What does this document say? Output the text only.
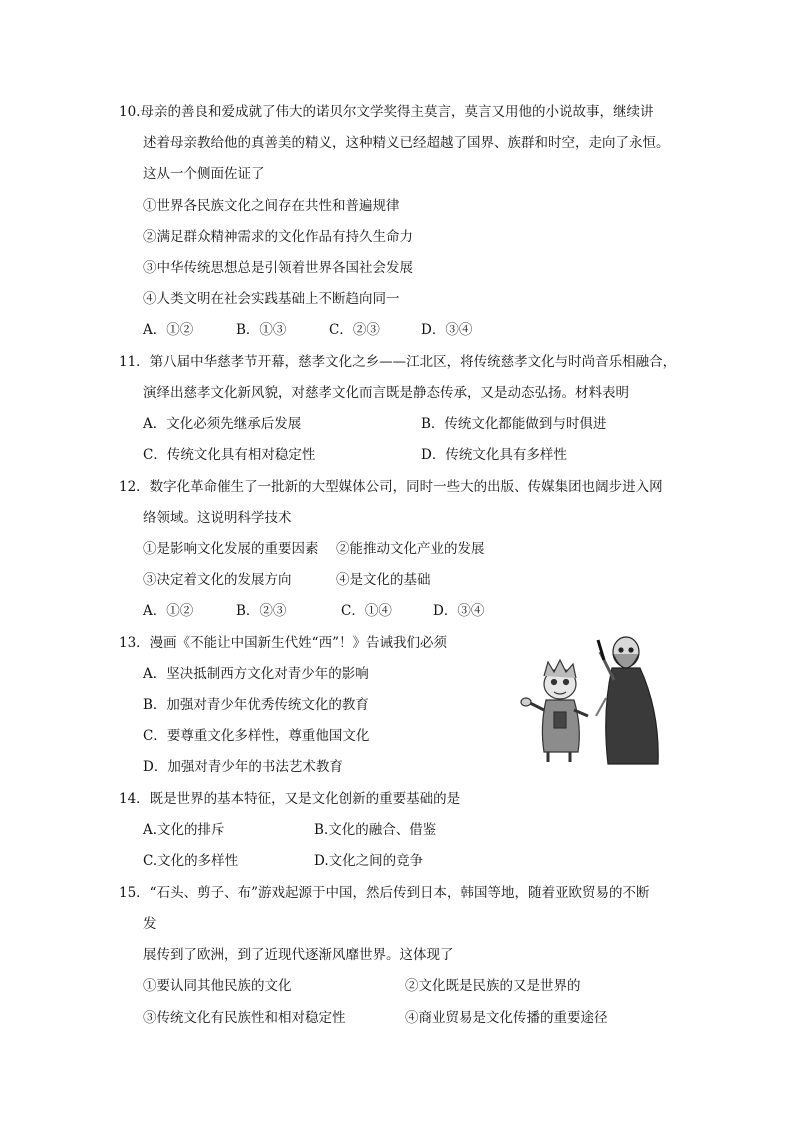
10.母亲的善良和爱成就了伟大的诺贝尔文学奖得主莫言，莫言又用他的小说故事，继续讲
述着母亲教给他的真善美的精义，这种精义已经超越了国界、族群和时空，走向了永恒。
这从一个侧面佐证了
①世界各民族文化之间存在共性和普遍规律
②满足群众精神需求的文化作品有持久生命力
③中华传统思想总是引领着世界各国社会发展
④人类文明在社会实践基础上不断趋向同一
A．①②	B．①③	C．②③	D．③④
11．第八届中华慈孝节开幕，慈孝文化之乡——江北区，将传统慈孝文化与时尚音乐相融合，
演绎出慈孝文化新风貌，对慈孝文化而言既是静态传承，又是动态弘扬。材料表明
A．文化必须先继承后发展	B．传统文化都能做到与时俱进
C．传统文化具有相对稳定性	D．传统文化具有多样性
12．数字化革命催生了一批新的大型媒体公司，同时一些大的出版、传媒集团也阔步进入网
络领域。这说明科学技术
①是影响文化发展的重要因素 ②能推动文化产业的发展
③决定着文化的发展方向	④是文化的基础
A．①②	B．②③	C．①④	D．③④
13．漫画《不能让中国新生代姓“西”！》告诫我们必须
A．坚决抵制西方文化对青少年的影响
B．加强对青少年优秀传统文化的教育
C．要尊重文化多样性，尊重他国文化
D．加强对青少年的书法艺术教育
14．既是世界的基本特征，又是文化创新的重要基础的是
A.文化的排斥	B.文化的融合、借鉴
C.文化的多样性	D.文化之间的竞争
15．“石头、剪子、布”游戏起源于中国，然后传到日本，韩国等地，随着亚欧贸易的不断
发
展传到了欧洲，到了近现代逐渐风靡世界。这体现了
①要认同其他民族的文化	②文化既是民族的又是世界的
③传统文化有民族性和相对稳定性	④商业贸易是文化传播的重要途径
